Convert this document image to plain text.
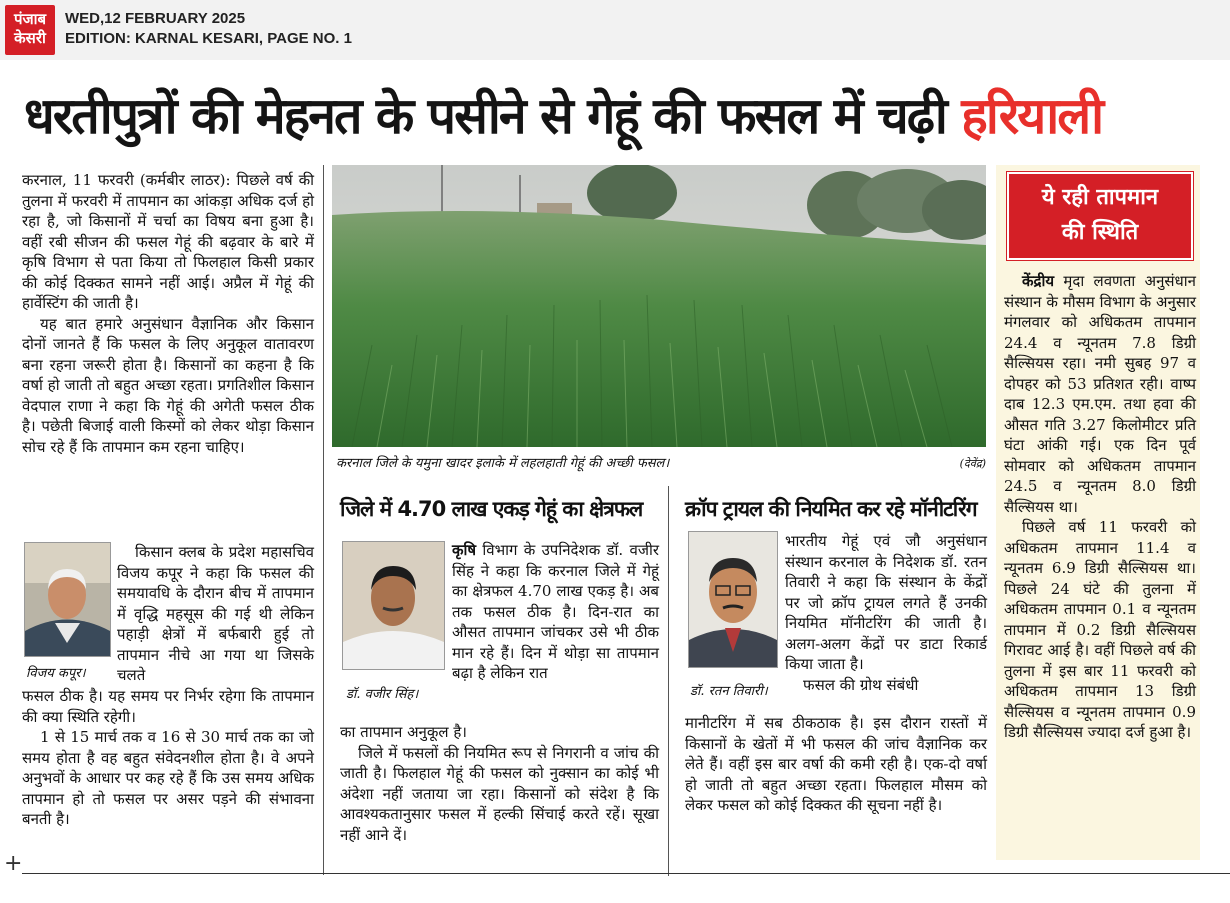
पंजाब
केसरी
WED,12 FEBRUARY 2025
EDITION: KARNAL KESARI, PAGE NO. 1
धरतीपुत्रों की मेहनत के पसीने से गेहूं की फसल में चढ़ी हरियाली

करनाल, 11 फरवरी (कर्मबीर लाठर): पिछले वर्ष की तुलना में फरवरी में तापमान का आंकड़ा अधिक दर्ज हो रहा है, जो किसानों में चर्चा का विषय बना हुआ है। वहीं रबी सीजन की फसल गेहूं की बढ़वार के बारे में कृषि विभाग से पता किया तो फिलहाल किसी प्रकार की कोई दिक्कत सामने नहीं आई। अप्रैल में गेहूं की हार्वेस्टिंग की जाती है।

यह बात हमारे अनुसंधान वैज्ञानिक और किसान दोनों जानते हैं कि फसल के लिए अनुकूल वातावरण बना रहना जरूरी होता है। किसानों का कहना है कि वर्षा हो जाती तो बहुत अच्छा रहता। प्रगतिशील किसान वेदपाल राणा ने कहा कि गेहूं की अगेती फसल ठीक है। पछेती बिजाई वाली किस्मों को लेकर थोड़ा किसान सोच रहे हैं कि तापमान कम रहना चाहिए।

विजय कपूर।

किसान क्लब के प्रदेश महासचिव विजय कपूर ने कहा कि फसल की समयावधि के दौरान बीच में तापमान में वृद्धि महसूस की गई थी लेकिन पहाड़ी क्षेत्रों में बर्फबारी हुई तो तापमान नीचे आ गया था जिसके चलते

फसल ठीक है। यह समय पर निर्भर रहेगा कि तापमान की क्या स्थिति रहेगी।

1 से 15 मार्च तक व 16 से 30 मार्च तक का जो समय होता है वह बहुत संवेदनशील होता है। वे अपने अनुभवों के आधार पर कह रहे हैं कि उस समय अधिक तापमान हो तो फसल पर असर पड़ने की संभावना बनती है।

करनाल जिले के यमुना खादर इलाके में लहलहाती गेहूं की अच्छी फसल।	(देवेंद्र)
जिले में 4.70 लाख एकड़ गेहूं का क्षेत्रफल
डॉ. वजीर सिंह।

कृषि विभाग के उपनिदेशक डॉ. वजीर सिंह ने कहा कि करनाल जिले में गेहूं का क्षेत्रफल 4.70 लाख एकड़ है। अब तक फसल ठीक है। दिन-रात का औसत तापमान जांचकर उसे भी ठीक मान रहे हैं। दिन में थोड़ा सा तापमान बढ़ा है लेकिन रात

का तापमान अनुकूल है।

जिले में फसलों की नियमित रूप से निगरानी व जांच की जाती है। फिलहाल गेहूं की फसल को नुक्सान का कोई भी अंदेशा नहीं जताया जा रहा। किसानों को संदेश है कि आवश्यकतानुसार फसल में हल्की सिंचाई करते रहें। सूखा नहीं आने दें।

क्रॉप ट्रायल की नियमित कर रहे मॉनीटरिंग
डॉ. रतन तिवारी।

भारतीय गेहूं एवं जौ अनुसंधान संस्थान करनाल के निदेशक डॉ. रतन तिवारी ने कहा कि संस्थान के केंद्रों पर जो क्रॉप ट्रायल लगते हैं उनकी नियमित मॉनीटरिंग की जाती है। अलग-अलग केंद्रों पर डाटा रिकार्ड किया जाता है।

फसल की ग्रोथ संबंधी

मानीटरिंग में सब ठीकठाक है। इस दौरान रास्तों में किसानों के खेतों में भी फसल की जांच वैज्ञानिक कर लेते हैं। वहीं इस बार वर्षा की कमी रही है। एक-दो वर्षा हो जाती तो बहुत अच्छा रहता। फिलहाल मौसम को लेकर फसल को कोई दिक्कत की सूचना नहीं है।

ये रही तापमान
की स्थिति

केंद्रीय मृदा लवणता अनुसंधान संस्थान के मौसम विभाग के अनुसार मंगलवार को अधिकतम तापमान 24.4 व न्यूनतम 7.8 डिग्री सैल्सियस रहा। नमी सुबह 97 व दोपहर को 53 प्रतिशत रही। वाष्प दाब 12.3 एम.एम. तथा हवा की औसत गति 3.27 किलोमीटर प्रति घंटा आंकी गई। एक दिन पूर्व सोमवार को अधिकतम तापमान 24.5 व न्यूनतम 8.0 डिग्री सैल्सियस था।

पिछले वर्ष 11 फरवरी को अधिकतम तापमान 11.4 व न्यूनतम 6.9 डिग्री सैल्सियस था। पिछले 24 घंटे की तुलना में अधिकतम तापमान 0.1 व न्यूनतम तापमान में 0.2 डिग्री सैल्सियस गिरावट आई है। वहीं पिछले वर्ष की तुलना में इस बार 11 फरवरी को अधिकतम तापमान 13 डिग्री सैल्सियस व न्यूनतम तापमान 0.9 डिग्री सैल्सियस ज्यादा दर्ज हुआ है।

+
